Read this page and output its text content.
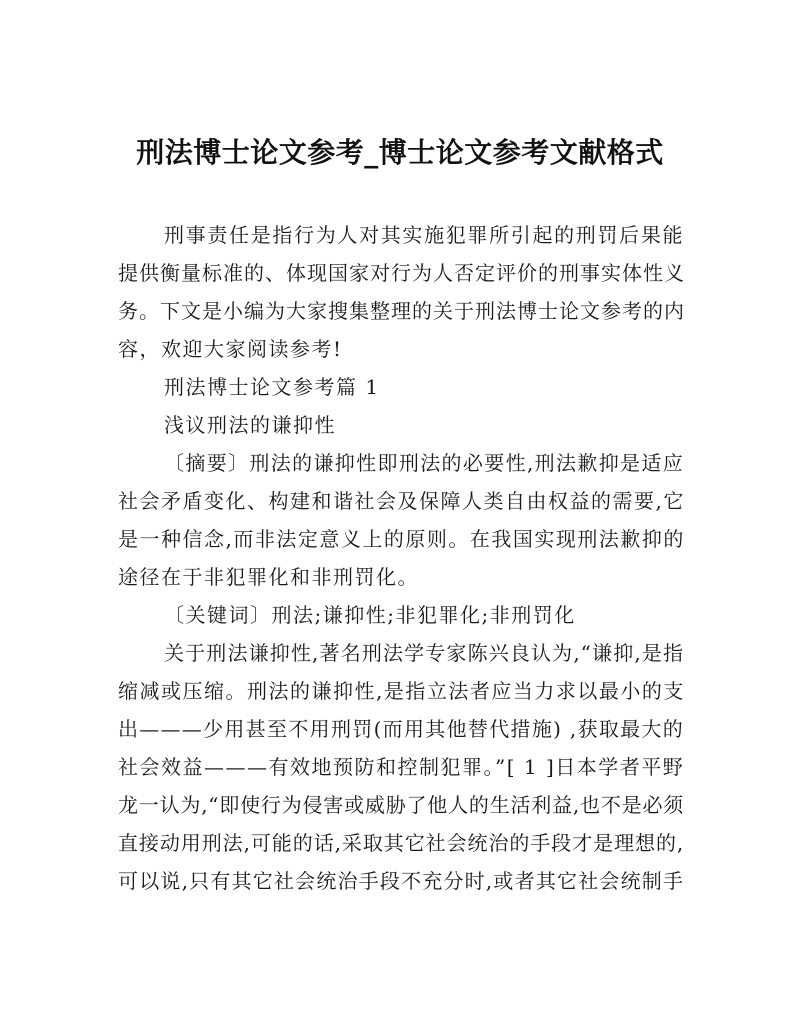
刑法博士论文参考_博士论文参考文献格式
刑事责任是指行为人对其实施犯罪所引起的刑罚后果能
提供衡量标准的、体现国家对行为人否定评价的刑事实体性义
务。下文是小编为大家搜集整理的关于刑法博士论文参考的内
容，欢迎大家阅读参考!
刑法博士论文参考篇 1
浅议刑法的谦抑性
〔摘要〕刑法的谦抑性即刑法的必要性,刑法歉抑是适应
社会矛盾变化、构建和谐社会及保障人类自由权益的需要,它
是一种信念,而非法定意义上的原则。在我国实现刑法歉抑的
途径在于非犯罪化和非刑罚化。
〔关键词〕刑法;谦抑性;非犯罪化;非刑罚化
关于刑法谦抑性,著名刑法学专家陈兴良认为,“谦抑,是指
缩减或压缩。刑法的谦抑性,是指立法者应当力求以最小的支
出———少用甚至不用刑罚(而用其他替代措施) ,获取最大的
社会效益———有效地预防和控制犯罪。”[ 1 ]日本学者平野
龙一认为,“即使行为侵害或威胁了他人的生活利益,也不是必须
直接动用刑法,可能的话,采取其它社会统治的手段才是理想的,
可以说,只有其它社会统治手段不充分时,或者其它社会统制手
